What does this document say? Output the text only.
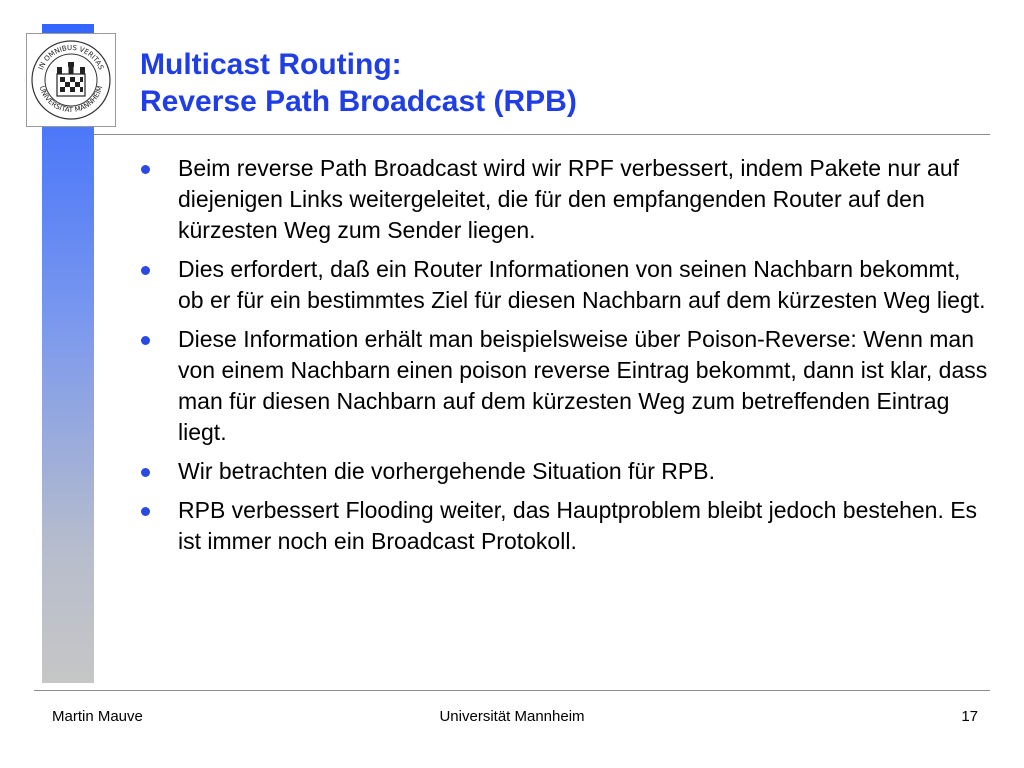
IN OMNIBUS VERITAS
UNIVERSITÄT MANNHEIM
Multicast Routing:
Reverse Path Broadcast (RPB)
Beim reverse Path Broadcast wird wir RPF verbessert, indem Pakete nur auf diejenigen Links weitergeleitet, die für den empfangenden Router auf den kürzesten Weg zum Sender liegen.
Dies erfordert, daß ein Router Informationen von seinen Nachbarn bekommt, ob er für ein bestimmtes Ziel für diesen Nachbarn auf dem kürzesten Weg liegt.
Diese Information erhält man beispielsweise über Poison-Reverse: Wenn man von einem Nachbarn einen poison reverse Eintrag bekommt, dann ist klar, dass man für diesen Nachbarn auf dem kürzesten Weg zum betreffenden Eintrag liegt.
Wir betrachten die vorhergehende Situation für RPB.
RPB verbessert Flooding weiter, das Hauptproblem bleibt jedoch bestehen. Es ist immer noch ein Broadcast Protokoll.
Martin Mauve	Universität Mannheim	17
